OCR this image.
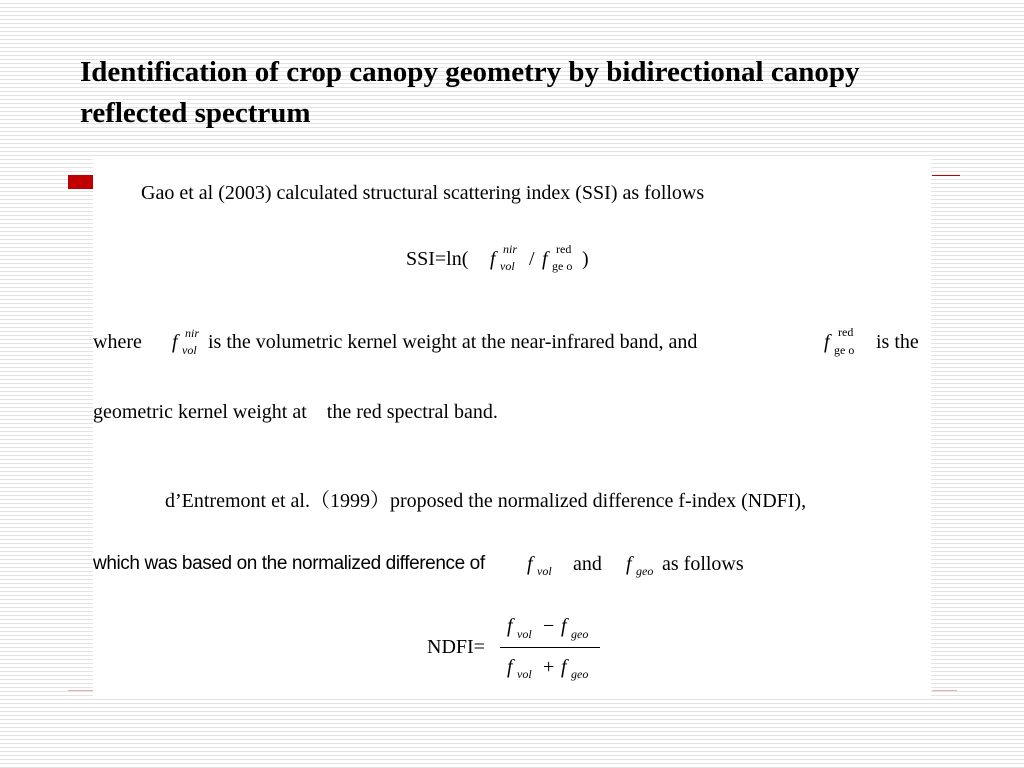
Identification of crop canopy geometry by bidirectional canopy reflected spectrum
Gao et al (2003) calculated structural scattering index (SSI) as follows
SSI=ln( f nir
vol / f red
ge o )
where f nir
vol is the volumetric kernel weight at the near-infrared band, and	f red
ge o is the
geometric kernel weight at    the red spectral band.
d’Entremont et al.（1999）proposed the normalized difference f-index (NDFI),
which was based on the normalized difference of f vol and f geo as follows
NDFI=
f vol − f geo
f vol + f geo
